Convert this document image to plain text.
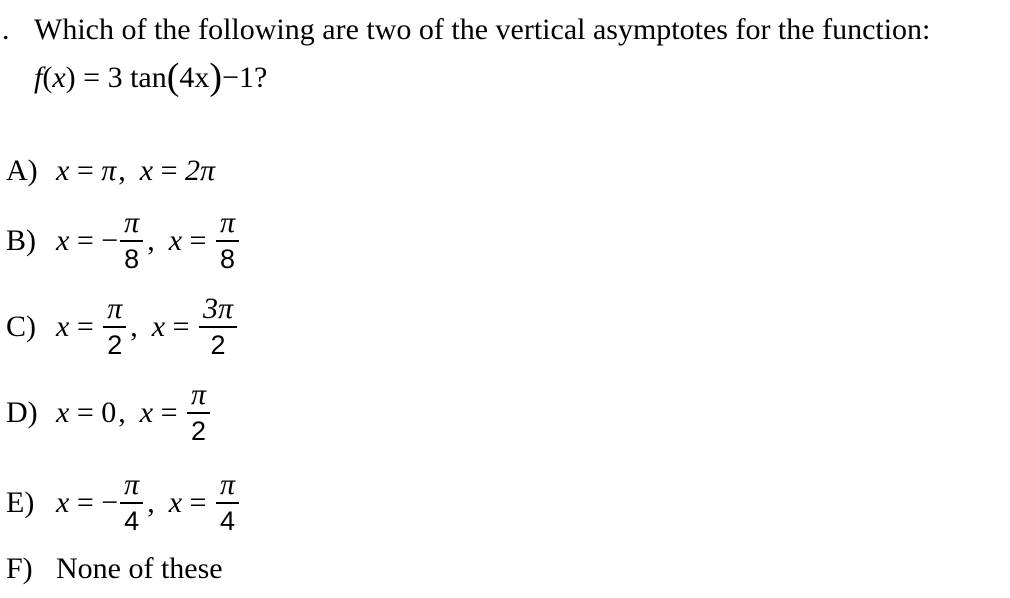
. Which of the following are two of the vertical asymptotes for the function:
f(x) = 3 tan(4x)−1?
A) x = π , x = 2π
B) x = − $\frac{\pi}{8}$ , $x = \frac{\pi}{8}$
C) $x = \frac{\pi}{2}$ , $x = \frac{3\pi}{2}$
D) x = 0 , $x = \frac{\pi}{2}$
E) x = − $\frac{\pi}{4}$ , $x = \frac{\pi}{4}$
F) None of these
